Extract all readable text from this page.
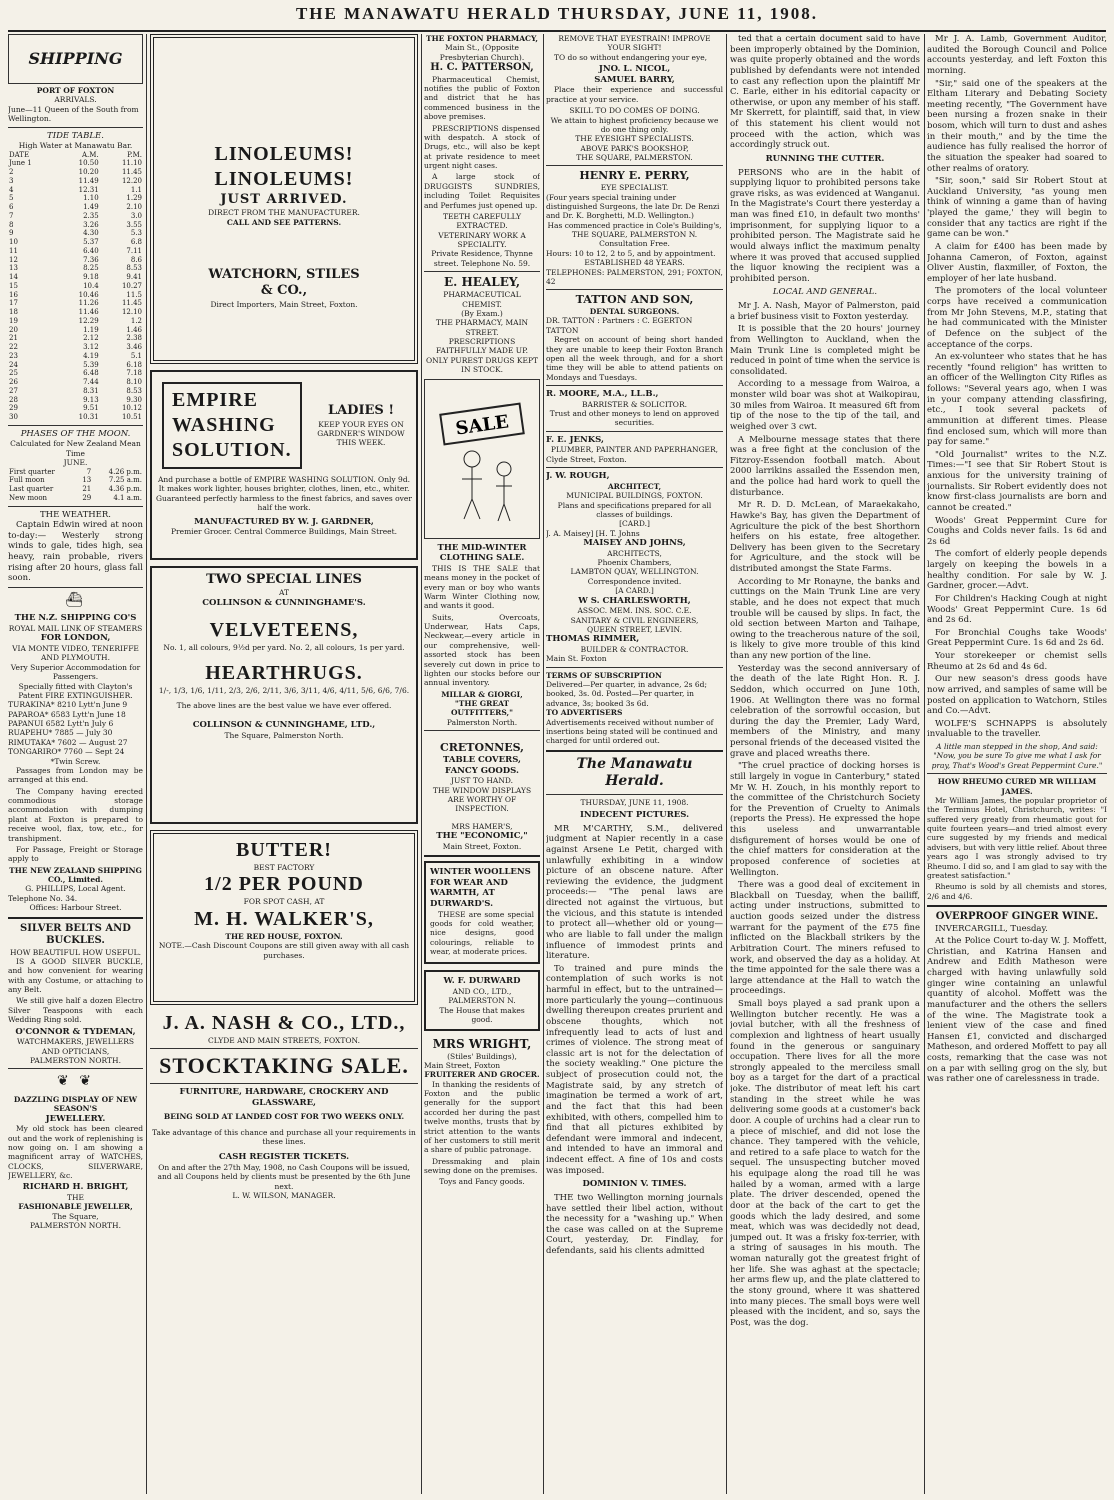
THE MANAWATU HERALD THURSDAY, JUNE 11, 1908.
SHIPPING
PORT OF FOXTON
ARRIVALS.
June—11 Queen of the South from Wellington.
TIDE TABLE.
High Water at Manawatu Bar.
DATE	A.M.	P.M.
June 1	10.50	11.10
2	10.20	11.45
3	11.49	12.20
4	12.31	1.1
5	1.10	1.29
6	1.49	2.10
7	2.35	3.0
8	3.26	3.55
9	4.30	5.3
10	5.37	6.8
11	6.40	7.11
12	7.36	8.6
13	8.25	8.53
14	9.18	9.41
15	10.4	10.27
16	10.46	11.5
17	11.26	11.45
18	11.46	12.10
19	12.29	1.2
20	1.19	1.46
21	2.12	2.38
22	3.12	3.46
23	4.19	5.1
24	5.39	6.18
25	6.48	7.18
26	7.44	8.10
27	8.31	8.53
28	9.13	9.30
29	9.51	10.12
30	10.31	10.51
PHASES OF THE MOON.
Calculated for New Zealand Mean Time
JUNE.
First quarter	7	4.26 p.m.
Full moon	13	7.25 a.m.
Last quarter	21	4.36 p.m.
New moon	29	4.1 a.m.
THE WEATHER.
Captain Edwin wired at noon to-day:— Westerly strong winds to gale, tides high, sea heavy, rain probable, rivers rising after 20 hours, glass fall soon.
⛴
THE N.Z. SHIPPING CO'S
ROYAL MAIL LINK OF STEAMERS
FOR LONDON,
VIA MONTE VIDEO, TENERIFFE AND PLYMOUTH.
Very Superior Accommodation for Passengers.
Specially fitted with Clayton's Patent FIRE EXTINGUISHER.
TURAKINA* 8210 Lytt'n June 9
PAPAROA* 6583 Lytt'n June 18
PAPANUI 6582 Lytt'n July 6
RUAPEHU* 7885 — July 30
RIMUTAKA* 7602 — August 27
TONGARIRO* 7760 — Sept 24
*Twin Screw.
Passages from London may be arranged at this end.
The Company having erected commodious storage accommodation with dumping plant at Foxton is prepared to receive wool, flax, tow, etc., for transhipment.
For Passage, Freight or Storage apply to
THE NEW ZEALAND SHIPPING CO., Limited.
G. PHILLIPS, Local Agent.
Telephone No. 34.
Offices: Harbour Street.
SILVER BELTS AND BUCKLES.
HOW BEAUTIFUL HOW USEFUL.
IS A GOOD SILVER BUCKLE, and how convenient for wearing with any Costume, or attaching to any Belt.
We still give half a dozen Electro Silver Teaspoons with each Wedding Ring sold.
O'CONNOR & TYDEMAN,
WATCHMAKERS, JEWELLERS AND OPTICIANS,
PALMERSTON NORTH.
❦ ❦
DAZZLING DISPLAY OF NEW SEASON'S
JEWELLERY.
My old stock has been cleared out and the work of replenishing is now going on. I am showing a magnificent array of WATCHES, CLOCKS, SILVERWARE, JEWELLERY, &c.
RICHARD H. BRIGHT,
THE
FASHIONABLE JEWELLER,
The Square,
PALMERSTON NORTH.
LINOLEUMS!
LINOLEUMS!
JUST ARRIVED.
DIRECT FROM THE MANUFACTURER.
CALL AND SEE PATTERNS.
WATCHORN, STILES
& CO.,
Direct Importers, Main Street, Foxton.
EMPIRE
WASHING
SOLUTION.
LADIES !
KEEP YOUR EYES ON GARDNER'S WINDOW THIS WEEK.
And purchase a bottle of EMPIRE WASHING SOLUTION. Only 9d.
It makes work lighter, houses brighter, clothes, linen, etc., whiter. Guaranteed perfectly harmless to the finest fabrics, and saves over half the work.
MANUFACTURED BY W. J. GARDNER,
Premier Grocer. Central Commerce Buildings, Main Street.
TWO SPECIAL LINES
AT
COLLINSON & CUNNINGHAME'S.
VELVETEENS,
No. 1, all colours, 9½d per yard. No. 2, all colours, 1s per yard.
HEARTHRUGS.
1/-, 1/3, 1/6, 1/11, 2/3, 2/6, 2/11, 3/6, 3/11, 4/6, 4/11, 5/6, 6/6, 7/6.
The above lines are the best value we have ever offered.
COLLINSON & CUNNINGHAME, LTD.,
The Square, Palmerston North.
BUTTER!
BEST FACTORY
1/2 PER POUND
FOR SPOT CASH, AT
M. H. WALKER'S,
THE RED HOUSE, FOXTON.
NOTE.—Cash Discount Coupons are still given away with all cash purchases.
J. A. NASH & CO., LTD.,
CLYDE AND MAIN STREETS, FOXTON.
STOCKTAKING SALE.
FURNITURE, HARDWARE, CROCKERY AND GLASSWARE,
BEING SOLD AT LANDED COST FOR TWO WEEKS ONLY.
Take advantage of this chance and purchase all your requirements in these lines.
CASH REGISTER TICKETS.
On and after the 27th May, 1908, no Cash Coupons will be issued, and all Coupons held by clients must be presented by the 6th June next.
L. W. WILSON, MANAGER.
THE FOXTON PHARMACY,
Main St., (Opposite Presbyterian Church).
H. C. PATTERSON,
Pharmaceutical Chemist, notifies the public of Foxton and district that he has commenced business in the above premises.
PRESCRIPTIONS dispensed with despatch. A stock of Drugs, etc., will also be kept at private residence to meet urgent night cases.
A large stock of DRUGGISTS SUNDRIES, including Toilet Requisites and Perfumes just opened up.
TEETH CAREFULLY EXTRACTED.
VETERINARY WORK A SPECIALITY.
Private Residence, Thynne street. Telephone No. 59.
E. HEALEY,
PHARMACEUTICAL CHEMIST.
(By Exam.)
THE PHARMACY, MAIN STREET.
PRESCRIPTIONS FAITHFULLY MADE UP.
ONLY PUREST DRUGS KEPT IN STOCK.
SALE
THE MID-WINTER CLOTHING SALE.
THIS IS THE SALE that means money in the pocket of every man or boy who wants Warm Winter Clothing now, and wants it good.
Suits, Overcoats, Underwear, Hats Caps, Neckwear,—every article in our comprehensive, well-assorted stock has been severely cut down in price to lighten our stocks before our annual inventory.
MILLAR & GIORGI,
"THE GREAT OUTFITTERS,"
Palmerston North.
CRETONNES,
TABLE COVERS,
FANCY GOODS.
JUST TO HAND.
THE WINDOW DISPLAYS ARE WORTHY OF INSPECTION.
MRS HAMER'S,
THE "ECONOMIC,"
Main Street, Foxton.
WINTER WOOLLENS FOR WEAR AND WARMTH, AT DURWARD'S.
THESE are some special goods for cold weather, nice designs, good colourings, reliable to wear, at moderate prices.
W. F. DURWARD
AND CO., LTD., PALMERSTON N.
The House that makes good.
MRS WRIGHT,
(Stiles' Buildings),
Main Street, Foxton
FRUITERER AND GROCER.
In thanking the residents of Foxton and the public generally for the support accorded her during the past twelve months, trusts that by strict attention to the wants of her customers to still merit a share of public patronage.
Dressmaking and plain sewing done on the premises.
Toys and Fancy goods.
REMOVE THAT EYESTRAIN! IMPROVE YOUR SIGHT!
TO do so without endangering your eye,
JNO. L. NICOL,
SAMUEL BARRY,
Place their experience and successful practice at your service.
SKILL TO DO COMES OF DOING.
We attain to highest proficiency because we do one thing only.
THE EYESIGHT SPECIALISTS.
ABOVE PARK'S BOOKSHOP,
THE SQUARE, PALMERSTON.
HENRY E. PERRY,
EYE SPECIALIST.
(Four years special training under distinguished Surgeons, the late Dr. De Renzi and Dr. K. Borghetti, M.D. Wellington.)
Has commenced practice in Cole's Building's,
THE SQUARE, PALMERSTON N.
Consultation Free.
Hours: 10 to 12, 2 to 5, and by appointment.
ESTABLISHED 48 YEARS.
TELEPHONES: PALMERSTON, 291; FOXTON, 42
TATTON AND SON,
DENTAL SURGEONS.
DR. TATTON : Partners : C. EGERTON TATTON
Regret on account of being short handed they are unable to keep their Foxton Branch open all the week through, and for a short time they will be able to attend patients on Mondays and Tuesdays.
R. MOORE, M.A., LL.B.,
BARRISTER & SOLICITOR.
Trust and other moneys to lend on approved securities.
F. E. JENKS,
PLUMBER, PAINTER AND PAPERHANGER,
Clyde Street, Foxton.
J. W. ROUGH,
ARCHITECT,
MUNICIPAL BUILDINGS, FOXTON.
Plans and specifications prepared for all classes of buildings.
[CARD.]
J. A. Maisey] [H. T. Johns
MAISEY AND JOHNS,
ARCHITECTS,
Phoenix Chambers,
LAMBTON QUAY, WELLINGTON.
Correspondence invited.
[A CARD.]
W S. CHARLESWORTH,
ASSOC. MEM. INS. SOC. C.E.
SANITARY & CIVIL ENGINEERS,
QUEEN STREET, LEVIN.
THOMAS RIMMER,
BUILDER & CONTRACTOR.
Main St. Foxton
TERMS OF SUBSCRIPTION
Delivered—Per quarter, in advance, 2s 6d; booked, 3s. 0d. Posted—Per quarter, in advance, 3s; booked 3s 6d.
TO ADVERTISERS
Advertisements received without number of insertions being stated will be continued and charged for until ordered out.
The Manawatu Herald.
THURSDAY, JUNE 11, 1908.
INDECENT PICTURES.
MR M'CARTHY, S.M., delivered judgment at Napier recently in a case against Arsene Le Petit, charged with unlawfully exhibiting in a window picture of an obscene nature. After reviewing the evidence, the judgment proceeds:— "The penal laws are directed not against the virtuous, but the vicious, and this statute is intended to protect all—whether old or young—who are liable to fall under the malign influence of immodest prints and literature.
To trained and pure minds the contemplation of such works is not harmful in effect, but to the untrained—more particularly the young—continuous dwelling thereupon creates prurient and obscene thoughts, which not infrequently lead to acts of lust and crimes of violence. The strong meat of classic art is not for the delectation of the society weakling." One picture the subject of prosecution could not, the Magistrate said, by any stretch of imagination be termed a work of art, and the fact that this had been exhibited, with others, compelled him to find that all pictures exhibited by defendant were immoral and indecent, and intended to have an immoral and indecent effect. A fine of 10s and costs was imposed.
DOMINION V. TIMES.
THE two Wellington morning journals have settled their libel action, without the necessity for a "washing up." When the case was called on at the Supreme Court, yesterday, Dr. Findlay, for defendants, said his clients admitted
ted that a certain document said to have been improperly obtained by the Dominion, was quite properly obtained and the words published by defendants were not intended to cast any reflection upon the plaintiff Mr C. Earle, either in his editorial capacity or otherwise, or upon any member of his staff. Mr Skerrett, for plaintiff, said that, in view of this statement his client would not proceed with the action, which was accordingly struck out.
RUNNING THE CUTTER.
PERSONS who are in the habit of supplying liquor to prohibited persons take grave risks, as was evidenced at Wanganui. In the Magistrate's Court there yesterday a man was fined £10, in default two months' imprisonment, for supplying liquor to a prohibited person. The Magistrate said he would always inflict the maximum penalty where it was proved that accused supplied the liquor knowing the recipient was a prohibited person.
LOCAL AND GENERAL.
Mr J. A. Nash, Mayor of Palmerston, paid a brief business visit to Foxton yesterday.
It is possible that the 20 hours' journey from Wellington to Auckland, when the Main Trunk Line is completed might be reduced in point of time when the service is consolidated.
According to a message from Wairoa, a monster wild boar was shot at Waikopirau, 30 miles from Wairoa. It measured 6ft from tip of the nose to the tip of the tail, and weighed over 3 cwt.
A Melbourne message states that there was a free fight at the conclusion of the Fitzroy-Essendon football match. About 2000 larrikins assailed the Essendon men, and the police had hard work to quell the disturbance.
Mr R. D. D. McLean, of Maraekakaho, Hawke's Bay, has given the Department of Agriculture the pick of the best Shorthorn heifers on his estate, free altogether. Delivery has been given to the Secretary for Agriculture, and the stock will be distributed amongst the State Farms.
According to Mr Ronayne, the banks and cuttings on the Main Trunk Line are very stable, and he does not expect that much trouble will be caused by slips. In fact, the old section between Marton and Taihape, owing to the treacherous nature of the soil, is likely to give more trouble of this kind than any new portion of the line.
Yesterday was the second anniversary of the death of the late Right Hon. R. J. Seddon, which occurred on June 10th, 1906. At Wellington there was no formal celebration of the sorrowful occasion, but during the day the Premier, Lady Ward, members of the Ministry, and many personal friends of the deceased visited the grave and placed wreaths there.
"The cruel practice of docking horses is still largely in vogue in Canterbury," stated Mr W. H. Zouch, in his monthly report to the committee of the Christchurch Society for the Prevention of Cruelty to Animals (reports the Press). He expressed the hope this useless and unwarrantable disfigurement of horses would be one of the chief matters for consideration at the proposed conference of societies at Wellington.
There was a good deal of excitement in Blackball on Tuesday, when the bailiff, acting under instructions, submitted to auction goods seized under the distress warrant for the payment of the £75 fine inflicted on the Blackball strikers by the Arbitration Court. The miners refused to work, and observed the day as a holiday. At the time appointed for the sale there was a large attendance at the Hall to watch the proceedings.
Small boys played a sad prank upon a Wellington butcher recently. He was a jovial butcher, with all the freshness of complexion and lightness of heart usually found in the generous or sanguinary occupation. There lives for all the more strongly appealed to the merciless small boy as a target for the dart of a practical joke. The distributor of meat left his cart standing in the street while he was delivering some goods at a customer's back door. A couple of urchins had a clear run to a piece of mischief, and did not lose the chance. They tampered with the vehicle, and retired to a safe place to watch for the sequel. The unsuspecting butcher moved his equipage along the road till he was hailed by a woman, armed with a large plate. The driver descended, opened the door at the back of the cart to get the goods which the lady desired, and some meat, which was was decidedly not dead, jumped out. It was a frisky fox-terrier, with a string of sausages in his mouth. The woman naturally got the greatest fright of her life. She was aghast at the spectacle; her arms flew up, and the plate clattered to the stony ground, where it was shattered into many pieces. The small boys were well pleased with the incident, and so, says the Post, was the dog.
Mr J. A. Lamb, Government Auditor, audited the Borough Council and Police accounts yesterday, and left Foxton this morning.
"Sir," said one of the speakers at the Eltham Literary and Debating Society meeting recently, "The Government have been nursing a frozen snake in their bosom, which will turn to dust and ashes in their mouth," and by the time the audience has fully realised the horror of the situation the speaker had soared to other realms of oratory.
"Sir, soon," said Sir Robert Stout at Auckland University, "as young men think of winning a game than of having 'played the game,' they will begin to consider that any tactics are right if the game can be won."
A claim for £400 has been made by Johanna Cameron, of Foxton, against Oliver Austin, flaxmiller, of Foxton, the employer of her late husband.
The promoters of the local volunteer corps have received a communication from Mr John Stevens, M.P., stating that he had communicated with the Minister of Defence on the subject of the acceptance of the corps.
An ex-volunteer who states that he has recently "found religion" has written to an officer of the Wellington City Rifles as follows: "Several years ago, when I was in your company attending classfiring, etc., I took several packets of ammunition at different times. Please find enclosed sum, which will more than pay for same."
"Old Journalist" writes to the N.Z. Times:—"I see that Sir Robert Stout is anxious for the university training of journalists. Sir Robert evidently does not know first-class journalists are born and cannot be created."
Woods' Great Peppermint Cure for Coughs and Colds never fails. 1s 6d and 2s 6d
The comfort of elderly people depends largely on keeping the bowels in a healthy condition. For sale by W. J. Gardner, grocer.—Advt.
For Children's Hacking Cough at night Woods' Great Peppermint Cure. 1s 6d and 2s 6d.
For Bronchial Coughs take Woods' Great Peppermint Cure. 1s 6d and 2s 6d.
Your storekeeper or chemist sells Rheumo at 2s 6d and 4s 6d.
Our new season's dress goods have now arrived, and samples of same will be posted on application to Watchorn, Stiles and Co.—Advt.
WOLFE'S SCHNAPPS is absolutely invaluable to the traveller.
A little man stepped in the shop, And said: "Now, you be sure To give me what I ask for pray, That's Wood's Great Peppermint Cure."
HOW RHEUMO CURED MR WILLIAM JAMES.
Mr William James, the popular proprietor of the Terminus Hotel, Christchurch, writes: "I suffered very greatly from rheumatic gout for quite fourteen years—and tried almost every cure suggested by my friends and medical advisers, but with very little relief. About three years ago I was strongly advised to try Rheumo. I did so, and I am glad to say with the greatest satisfaction."
Rheumo is sold by all chemists and stores, 2/6 and 4/6.
OVERPROOF GINGER WINE.
INVERCARGILL, Tuesday.
At the Police Court to-day W. J. Moffett, Christian, and Katrina Hansen and Andrew and Edith Matheson were charged with having unlawfully sold ginger wine containing an unlawful quantity of alcohol. Moffett was the manufacturer and the others the sellers of the wine. The Magistrate took a lenient view of the case and fined Hansen £1, convicted and discharged Matheson, and ordered Moffett to pay all costs, remarking that the case was not on a par with selling grog on the sly, but was rather one of carelessness in trade.
